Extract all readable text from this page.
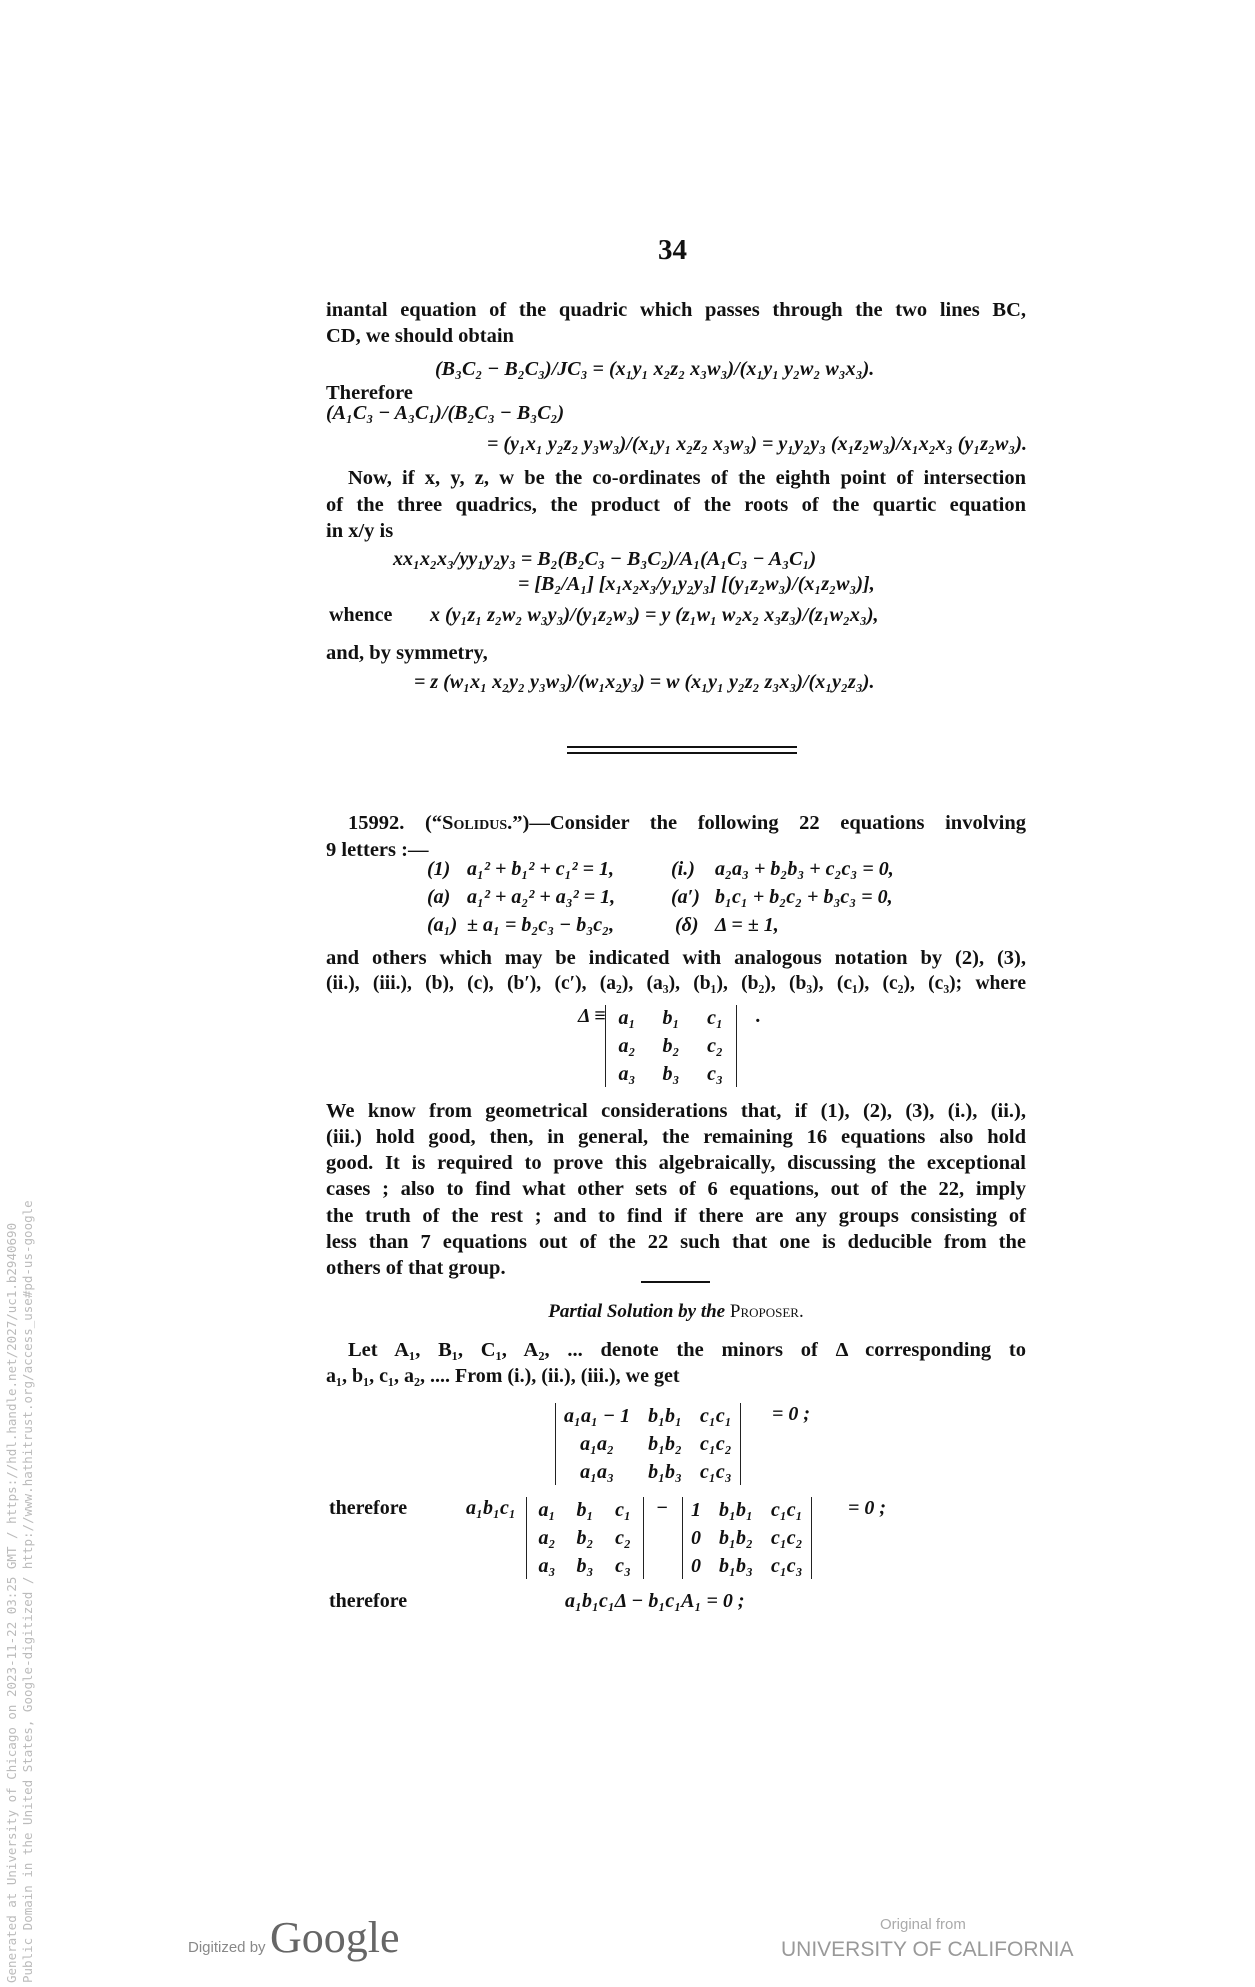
Generated at University of Chicago on 2023-11-22 03:25 GMT / https://hdl.handle.net/2027/uc1.b2940690 Public Domain in the United States, Google-digitized / http://www.hathitrust.org/access_use#pd-us-google
34
inantal equation of the quadric which passes through the two lines BC,
CD, we should obtain
(B₃C₂ − B₂C₃)/JC₃ = (x₁y₁ x₂z₂ x₃w₃)/(x₁y₁ y₂w₂ w₃x₃).
Therefore
(A₁C₃ − A₃C₁)/(B₂C₃ − B₃C₂)
= (y₁x₁ y₂z₂ y₃w₃)/(x₁y₁ x₂z₂ x₃w₃) = y₁y₂y₃ (x₁z₂w₃)/x₁x₂x₃ (y₁z₂w₃).
Now, if x, y, z, w be the co-ordinates of the eighth point of intersection
of the three quadrics, the product of the roots of the quartic equation
in x/y is
xx₁x₂x₃/yy₁y₂y₃ = B₂(B₂C₃ − B₃C₂)/A₁(A₁C₃ − A₃C₁)
= [B₂/A₁] [x₁x₂x₃/y₁y₂y₃] [(y₁z₂w₃)/(x₁z₂w₃)],
whence x (y₁z₁ z₂w₂ w₃y₃)/(y₁z₂w₃) = y (z₁w₁ w₂x₂ x₃z₃)/(z₁w₂x₃),
and, by symmetry,
= z (w₁x₁ x₂y₂ y₃w₃)/(w₁x₂y₃) = w (x₁y₁ y₂z₂ z₃x₃)/(x₁y₂z₃).
15992. (“Solidus.”)—Consider the following 22 equations involving
9 letters :—
(1) a₁² + b₁² + c₁² = 1,	(i.) a₂a₃ + b₂b₃ + c₂c₃ = 0,
(a) a₁² + a₂² + a₃² = 1,	(a′) b₁c₁ + b₂c₂ + b₃c₃ = 0,
(a₁) ± a₁ = b₂c₃ − b₃c₂,	(δ) Δ = ± 1,
and others which may be indicated with analogous notation by (2), (3),
(ii.), (iii.), (b), (c), (b′), (c′), (a₂), (a₃), (b₁), (b₂), (b₃), (c₁), (c₂), (c₃); where
Δ ≡ a₁ b₁ c₁
a₂ b₂ c₂
a₃ b₃ c₃
.
We know from geometrical considerations that, if (1), (2), (3), (i.), (ii.),
(iii.) hold good, then, in general, the remaining 16 equations also hold
good. It is required to prove this algebraically, discussing the exceptional
cases ; also to find what other sets of 6 equations, out of the 22, imply
the truth of the rest ; and to find if there are any groups consisting of
less than 7 equations out of the 22 such that one is deducible from the
others of that group.
Partial Solution by the Proposer.
Let A₁, B₁, C₁, A₂, ... denote the minors of Δ corresponding to
a₁, b₁, c₁, a₂, .... From (i.), (ii.), (iii.), we get
a₁a₁ − 1 b₁b₁ c₁c₁
a₁a₂	b₁b₂ c₁c₂
a₁a₃	b₁b₃ c₁c₃
= 0 ;
therefore	a₁b₁c₁ a₁ b₁ c₁
a₂ b₂ c₂
a₃ b₃ c₃
− 1 b₁b₁ c₁c₁
0 b₁b₂ c₁c₂
0 b₁b₃ c₁c₃
= 0 ;
therefore	a₁b₁c₁Δ − b₁c₁A₁ = 0 ;
Digitized by Google	Original from
UNIVERSITY OF CALIFORNIA
